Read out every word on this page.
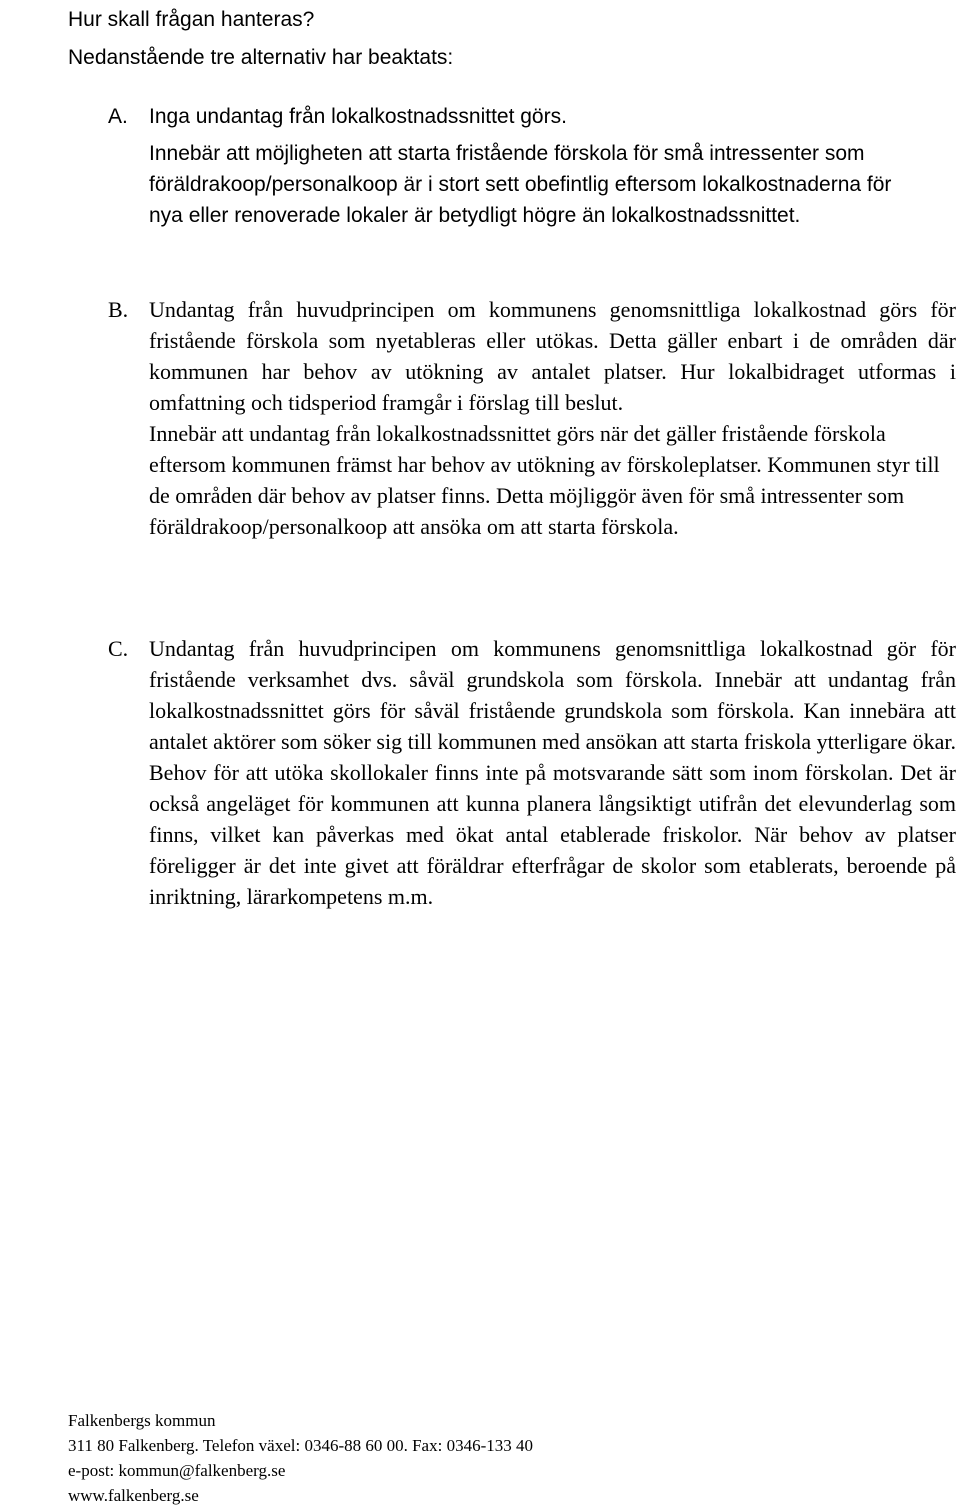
Hur skall frågan hanteras?
Nedanstående tre alternativ har beaktats:
A.	Inga undantag från lokalkostnadssnittet görs.

Innebär att möjligheten att starta fristående förskola för små intressenter som föräldrakoop/personalkoop är i stort sett obefintlig eftersom lokalkostnaderna för nya eller renoverade lokaler är betydligt högre än lokalkostnadssnittet.

B. Undantag från huvudprincipen om kommunens genomsnittliga lokalkostnad görs för fristående förskola som nyetableras eller utökas. Detta gäller enbart i de områden där kommunen har behov av utökning av antalet platser. Hur lokalbidraget utformas i omfattning och tidsperiod framgår i förslag till beslut.

Innebär att undantag från lokalkostnadssnittet görs när det gäller fristående förskola eftersom kommunen främst har behov av utökning av förskoleplatser. Kommunen styr till de områden där behov av platser finns. Detta möjliggör även för små intressenter som föräldrakoop/personalkoop att ansöka om att starta förskola.

C. Undantag från huvudprincipen om kommunens genomsnittliga lokalkostnad gör för fristående verksamhet dvs. såväl grundskola som förskola. Innebär att undantag från lokalkostnadssnittet görs för såväl fristående grundskola som förskola. Kan innebära att antalet aktörer som söker sig till kommunen med ansökan att starta friskola ytterligare ökar. Behov för att utöka skollokaler finns inte på motsvarande sätt som inom förskolan. Det är också angeläget för kommunen att kunna planera långsiktigt utifrån det elevunderlag som finns, vilket kan påverkas med ökat antal etablerade friskolor. När behov av platser föreligger är det inte givet att föräldrar efterfrågar de skolor som etablerats, beroende på inriktning, lärarkompetens m.m.

Falkenbergs kommun
311 80 Falkenberg. Telefon växel: 0346-88 60 00. Fax: 0346-133 40
e-post: kommun@falkenberg.se
www.falkenberg.se
